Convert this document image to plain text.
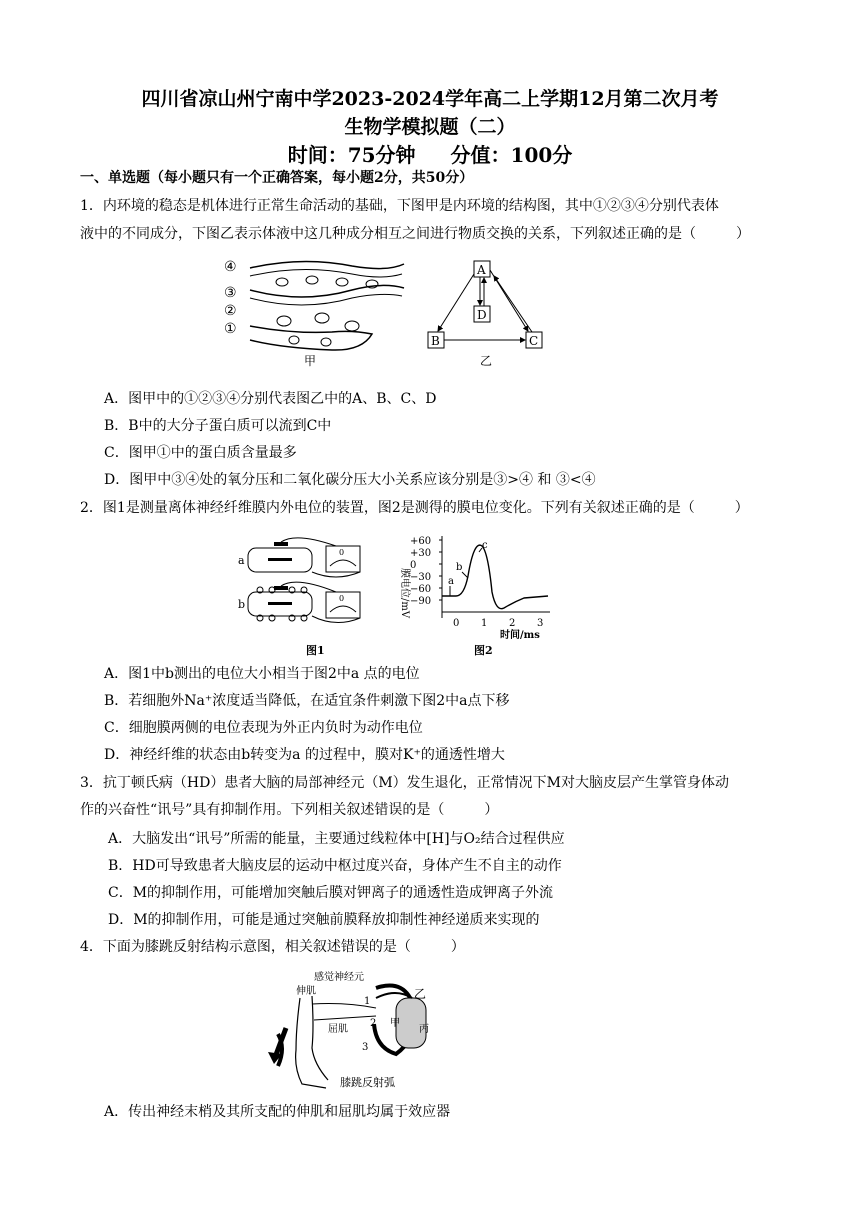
四川省凉山州宁南中学2023-2024学年高二上学期12月第二次月考
生物学模拟题（二）
时间：75分钟 分值：100分
一、单选题（每小题只有一个正确答案，每小题2分，共50分）
1．内环境的稳态是机体进行正常生命活动的基础，下图甲是内环境的结构图，其中①②③④分别代表体
液中的不同成分，下图乙表示体液中这几种成分相互之间进行物质交换的关系，下列叙述正确的是（	）
④
③
②
①
甲
A
D
B	C
乙
A．图甲中的①②③④分别代表图乙中的A、B、C、D
B．B中的大分子蛋白质可以流到C中
C．图甲①中的蛋白质含量最多
D．图甲中③④处的氧分压和二氧化碳分压大小关系应该分别是③>④ 和 ③<④
2．图1是测量离体神经纤维膜内外电位的装置，图2是测得的膜电位变化。下列有关叙述正确的是（	）
a
b
0
0
图1
+60
+30
0
−30
−60
−90
0 1 2 3
膜电位/mV
时间/ms
a
b
c
图2
A．图1中b测出的电位大小相当于图2中a 点的电位
B．若细胞外Na⁺浓度适当降低，在适宜条件刺激下图2中a点下移
C．细胞膜两侧的电位表现为外正内负时为动作电位
D．神经纤维的状态由b转变为a 的过程中，膜对K⁺的通透性增大
3．抗丁顿氏病（HD）患者大脑的局部神经元（M）发生退化，正常情况下M对大脑皮层产生掌管身体动
作的兴奋性“讯号”具有抑制作用。下列相关叙述错误的是（	）
A．大脑发出“讯号”所需的能量，主要通过线粒体中[H]与O₂结合过程供应
B．HD可导致患者大脑皮层的运动中枢过度兴奋，身体产生不自主的动作
C．M的抑制作用，可能增加突触后膜对钾离子的通透性造成钾离子外流
D．M的抑制作用，可能是通过突触前膜释放抑制性神经递质来实现的
4．下面为膝跳反射结构示意图，相关叙述错误的是（	）
感觉神经元
伸肌
屈肌
1
2
3
甲
乙
丙
膝跳反射弧
A．传出神经末梢及其所支配的伸肌和屈肌均属于效应器
